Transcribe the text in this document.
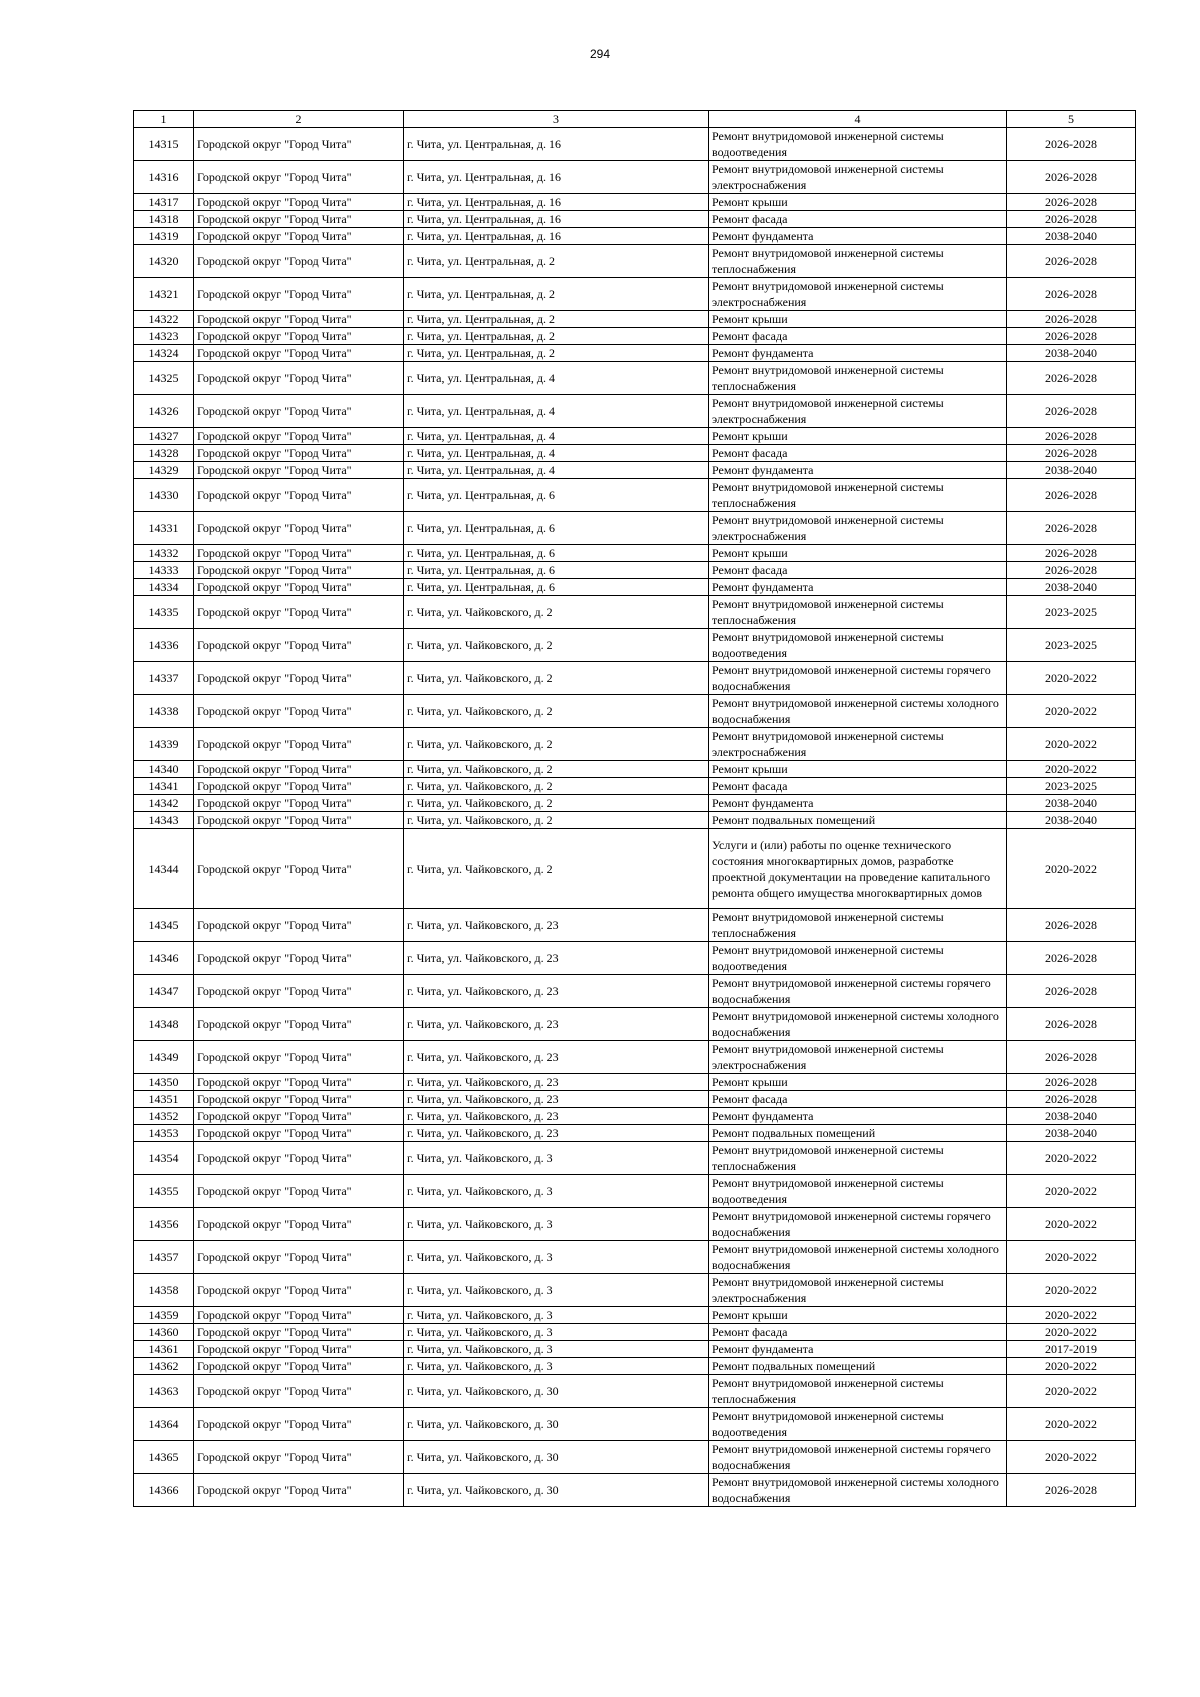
294
1	2	3	4	5
14315	Городской округ "Город Чита"	г. Чита, ул. Центральная, д. 16	Ремонт внутридомовой инженерной системы водоотведения	2026-2028
14316	Городской округ "Город Чита"	г. Чита, ул. Центральная, д. 16	Ремонт внутридомовой инженерной системы электроснабжения	2026-2028
14317	Городской округ "Город Чита"	г. Чита, ул. Центральная, д. 16	Ремонт крыши	2026-2028
14318	Городской округ "Город Чита"	г. Чита, ул. Центральная, д. 16	Ремонт фасада	2026-2028
14319	Городской округ "Город Чита"	г. Чита, ул. Центральная, д. 16	Ремонт фундамента	2038-2040
14320	Городской округ "Город Чита"	г. Чита, ул. Центральная, д. 2	Ремонт внутридомовой инженерной системы теплоснабжения	2026-2028
14321	Городской округ "Город Чита"	г. Чита, ул. Центральная, д. 2	Ремонт внутридомовой инженерной системы электроснабжения	2026-2028
14322	Городской округ "Город Чита"	г. Чита, ул. Центральная, д. 2	Ремонт крыши	2026-2028
14323	Городской округ "Город Чита"	г. Чита, ул. Центральная, д. 2	Ремонт фасада	2026-2028
14324	Городской округ "Город Чита"	г. Чита, ул. Центральная, д. 2	Ремонт фундамента	2038-2040
14325	Городской округ "Город Чита"	г. Чита, ул. Центральная, д. 4	Ремонт внутридомовой инженерной системы теплоснабжения	2026-2028
14326	Городской округ "Город Чита"	г. Чита, ул. Центральная, д. 4	Ремонт внутридомовой инженерной системы электроснабжения	2026-2028
14327	Городской округ "Город Чита"	г. Чита, ул. Центральная, д. 4	Ремонт крыши	2026-2028
14328	Городской округ "Город Чита"	г. Чита, ул. Центральная, д. 4	Ремонт фасада	2026-2028
14329	Городской округ "Город Чита"	г. Чита, ул. Центральная, д. 4	Ремонт фундамента	2038-2040
14330	Городской округ "Город Чита"	г. Чита, ул. Центральная, д. 6	Ремонт внутридомовой инженерной системы теплоснабжения	2026-2028
14331	Городской округ "Город Чита"	г. Чита, ул. Центральная, д. 6	Ремонт внутридомовой инженерной системы электроснабжения	2026-2028
14332	Городской округ "Город Чита"	г. Чита, ул. Центральная, д. 6	Ремонт крыши	2026-2028
14333	Городской округ "Город Чита"	г. Чита, ул. Центральная, д. 6	Ремонт фасада	2026-2028
14334	Городской округ "Город Чита"	г. Чита, ул. Центральная, д. 6	Ремонт фундамента	2038-2040
14335	Городской округ "Город Чита"	г. Чита, ул. Чайковского, д. 2	Ремонт внутридомовой инженерной системы теплоснабжения	2023-2025
14336	Городской округ "Город Чита"	г. Чита, ул. Чайковского, д. 2	Ремонт внутридомовой инженерной системы водоотведения	2023-2025
14337	Городской округ "Город Чита"	г. Чита, ул. Чайковского, д. 2	Ремонт внутридомовой инженерной системы горячего водоснабжения	2020-2022
14338	Городской округ "Город Чита"	г. Чита, ул. Чайковского, д. 2	Ремонт внутридомовой инженерной системы холодного водоснабжения	2020-2022
14339	Городской округ "Город Чита"	г. Чита, ул. Чайковского, д. 2	Ремонт внутридомовой инженерной системы электроснабжения	2020-2022
14340	Городской округ "Город Чита"	г. Чита, ул. Чайковского, д. 2	Ремонт крыши	2020-2022
14341	Городской округ "Город Чита"	г. Чита, ул. Чайковского, д. 2	Ремонт фасада	2023-2025
14342	Городской округ "Город Чита"	г. Чита, ул. Чайковского, д. 2	Ремонт фундамента	2038-2040
14343	Городской округ "Город Чита"	г. Чита, ул. Чайковского, д. 2	Ремонт подвальных помещений	2038-2040
14344	Городской округ "Город Чита"	г. Чита, ул. Чайковского, д. 2	Услуги и (или) работы по оценке технического состояния многоквартирных домов, разработке проектной документации на проведение капитального ремонта общего имущества многоквартирных домов	2020-2022
14345	Городской округ "Город Чита"	г. Чита, ул. Чайковского, д. 23	Ремонт внутридомовой инженерной системы теплоснабжения	2026-2028
14346	Городской округ "Город Чита"	г. Чита, ул. Чайковского, д. 23	Ремонт внутридомовой инженерной системы водоотведения	2026-2028
14347	Городской округ "Город Чита"	г. Чита, ул. Чайковского, д. 23	Ремонт внутридомовой инженерной системы горячего водоснабжения	2026-2028
14348	Городской округ "Город Чита"	г. Чита, ул. Чайковского, д. 23	Ремонт внутридомовой инженерной системы холодного водоснабжения	2026-2028
14349	Городской округ "Город Чита"	г. Чита, ул. Чайковского, д. 23	Ремонт внутридомовой инженерной системы электроснабжения	2026-2028
14350	Городской округ "Город Чита"	г. Чита, ул. Чайковского, д. 23	Ремонт крыши	2026-2028
14351	Городской округ "Город Чита"	г. Чита, ул. Чайковского, д. 23	Ремонт фасада	2026-2028
14352	Городской округ "Город Чита"	г. Чита, ул. Чайковского, д. 23	Ремонт фундамента	2038-2040
14353	Городской округ "Город Чита"	г. Чита, ул. Чайковского, д. 23	Ремонт подвальных помещений	2038-2040
14354	Городской округ "Город Чита"	г. Чита, ул. Чайковского, д. 3	Ремонт внутридомовой инженерной системы теплоснабжения	2020-2022
14355	Городской округ "Город Чита"	г. Чита, ул. Чайковского, д. 3	Ремонт внутридомовой инженерной системы водоотведения	2020-2022
14356	Городской округ "Город Чита"	г. Чита, ул. Чайковского, д. 3	Ремонт внутридомовой инженерной системы горячего водоснабжения	2020-2022
14357	Городской округ "Город Чита"	г. Чита, ул. Чайковского, д. 3	Ремонт внутридомовой инженерной системы холодного водоснабжения	2020-2022
14358	Городской округ "Город Чита"	г. Чита, ул. Чайковского, д. 3	Ремонт внутридомовой инженерной системы электроснабжения	2020-2022
14359	Городской округ "Город Чита"	г. Чита, ул. Чайковского, д. 3	Ремонт крыши	2020-2022
14360	Городской округ "Город Чита"	г. Чита, ул. Чайковского, д. 3	Ремонт фасада	2020-2022
14361	Городской округ "Город Чита"	г. Чита, ул. Чайковского, д. 3	Ремонт фундамента	2017-2019
14362	Городской округ "Город Чита"	г. Чита, ул. Чайковского, д. 3	Ремонт подвальных помещений	2020-2022
14363	Городской округ "Город Чита"	г. Чита, ул. Чайковского, д. 30	Ремонт внутридомовой инженерной системы теплоснабжения	2020-2022
14364	Городской округ "Город Чита"	г. Чита, ул. Чайковского, д. 30	Ремонт внутридомовой инженерной системы водоотведения	2020-2022
14365	Городской округ "Город Чита"	г. Чита, ул. Чайковского, д. 30	Ремонт внутридомовой инженерной системы горячего водоснабжения	2020-2022
14366	Городской округ "Город Чита"	г. Чита, ул. Чайковского, д. 30	Ремонт внутридомовой инженерной системы холодного водоснабжения	2026-2028
